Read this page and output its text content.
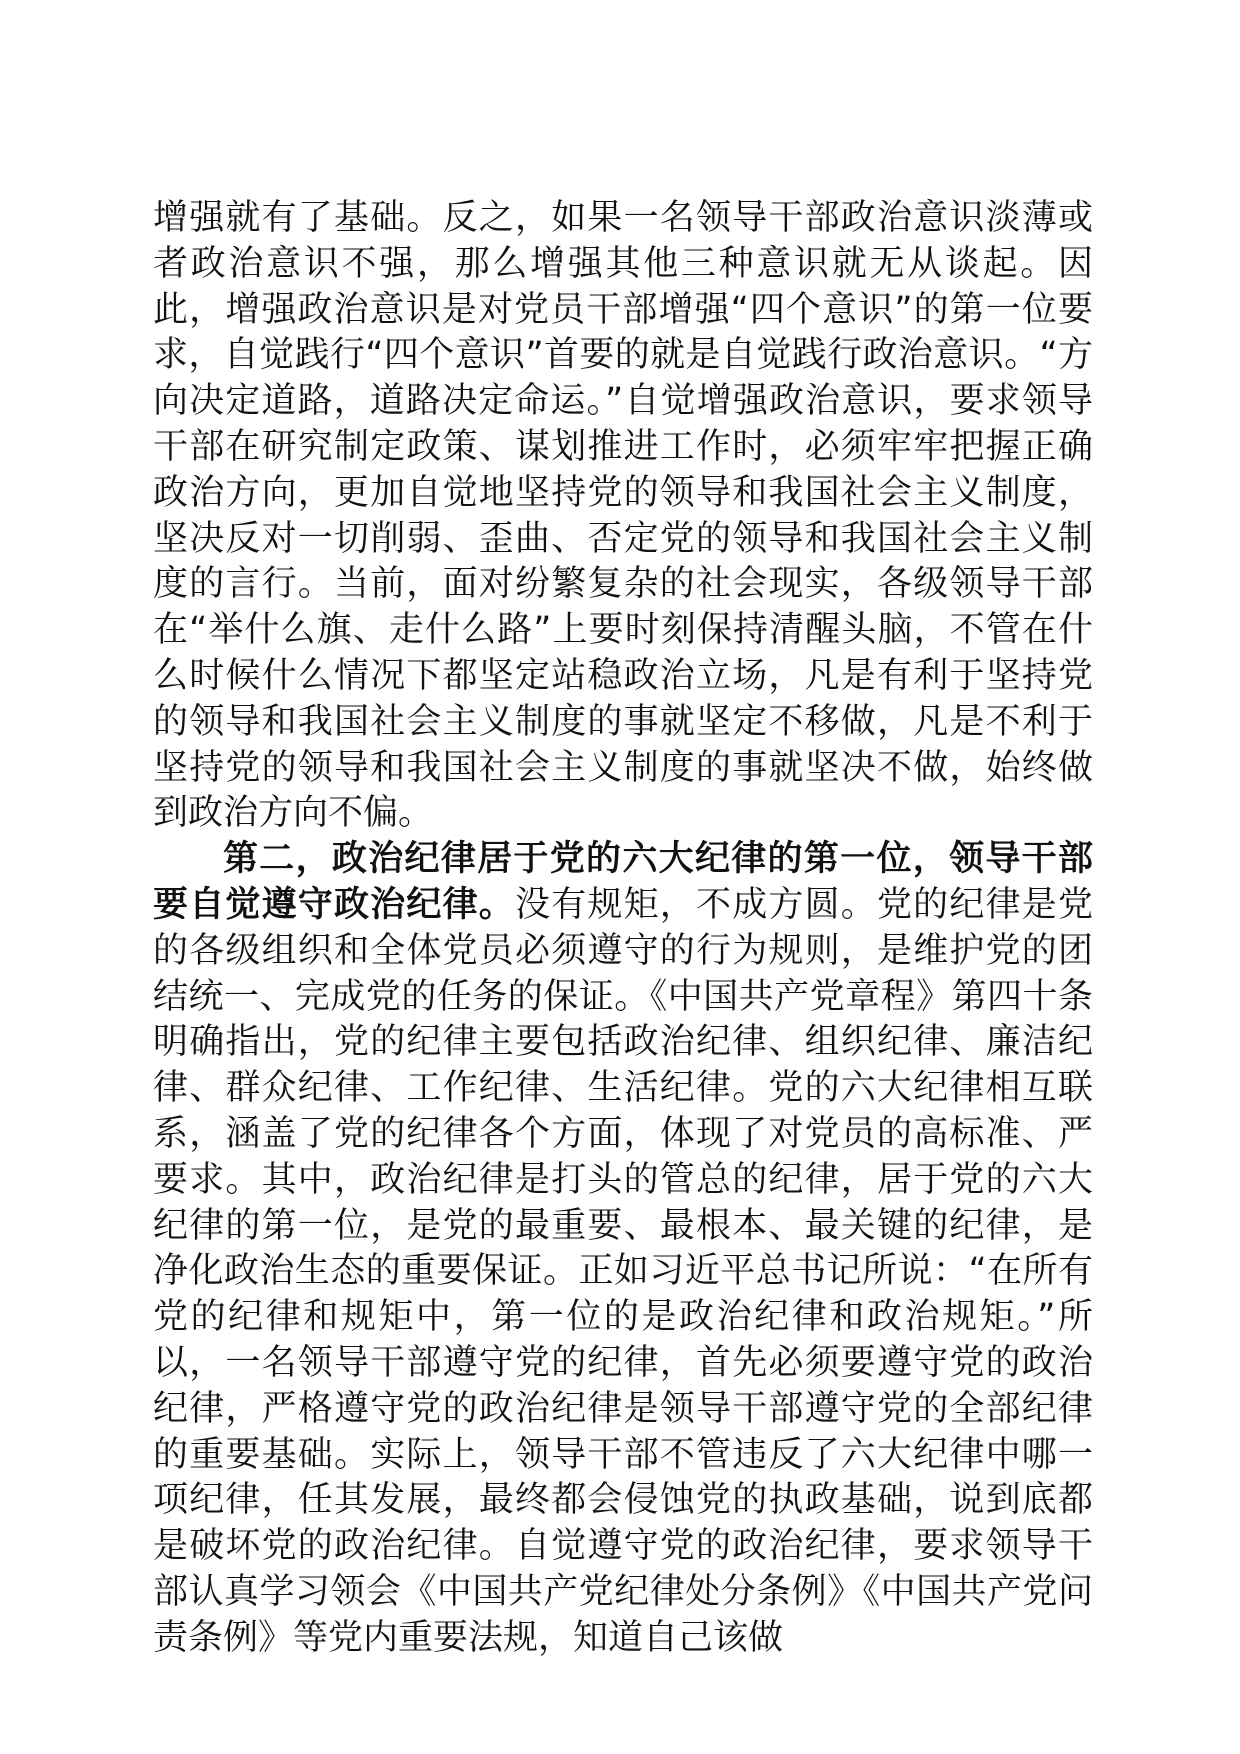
增强就有了基础。反之，如果一名领导干部政治意识淡薄或者政治意识不强，那么增强其他三种意识就无从谈起。因此，增强政治意识是对党员干部增强“四个意识”的第一位要求，自觉践行“四个意识”首要的就是自觉践行政治意识。“方向决定道路，道路决定命运。”自觉增强政治意识，要求领导干部在研究制定政策、谋划推进工作时，必须牢牢把握正确政治方向，更加自觉地坚持党的领导和我国社会主义制度，坚决反对一切削弱、歪曲、否定党的领导和我国社会主义制度的言行。当前，面对纷繁复杂的社会现实，各级领导干部在“举什么旗、走什么路”上要时刻保持清醒头脑，不管在什么时候什么情况下都坚定站稳政治立场，凡是有利于坚持党的领导和我国社会主义制度的事就坚定不移做，凡是不利于坚持党的领导和我国社会主义制度的事就坚决不做，始终做到政治方向不偏。

第二，政治纪律居于党的六大纪律的第一位，领导干部要自觉遵守政治纪律。没有规矩，不成方圆。党的纪律是党的各级组织和全体党员必须遵守的行为规则，是维护党的团结统一、完成党的任务的保证。《中国共产党章程》第四十条明确指出，党的纪律主要包括政治纪律、组织纪律、廉洁纪律、群众纪律、工作纪律、生活纪律。党的六大纪律相互联系，涵盖了党的纪律各个方面，体现了对党员的高标准、严要求。其中，政治纪律是打头的管总的纪律，居于党的六大纪律的第一位，是党的最重要、最根本、最关键的纪律，是净化政治生态的重要保证。正如习近平总书记所说：“在所有党的纪律和规矩中，第一位的是政治纪律和政治规矩。”所以，一名领导干部遵守党的纪律，首先必须要遵守党的政治纪律，严格遵守党的政治纪律是领导干部遵守党的全部纪律的重要基础。实际上，领导干部不管违反了六大纪律中哪一项纪律，任其发展，最终都会侵蚀党的执政基础，说到底都是破坏党的政治纪律。自觉遵守党的政治纪律，要求领导干部认真学习领会《中国共产党纪律处分条例》《中国共产党问责条例》等党内重要法规，知道自己该做
